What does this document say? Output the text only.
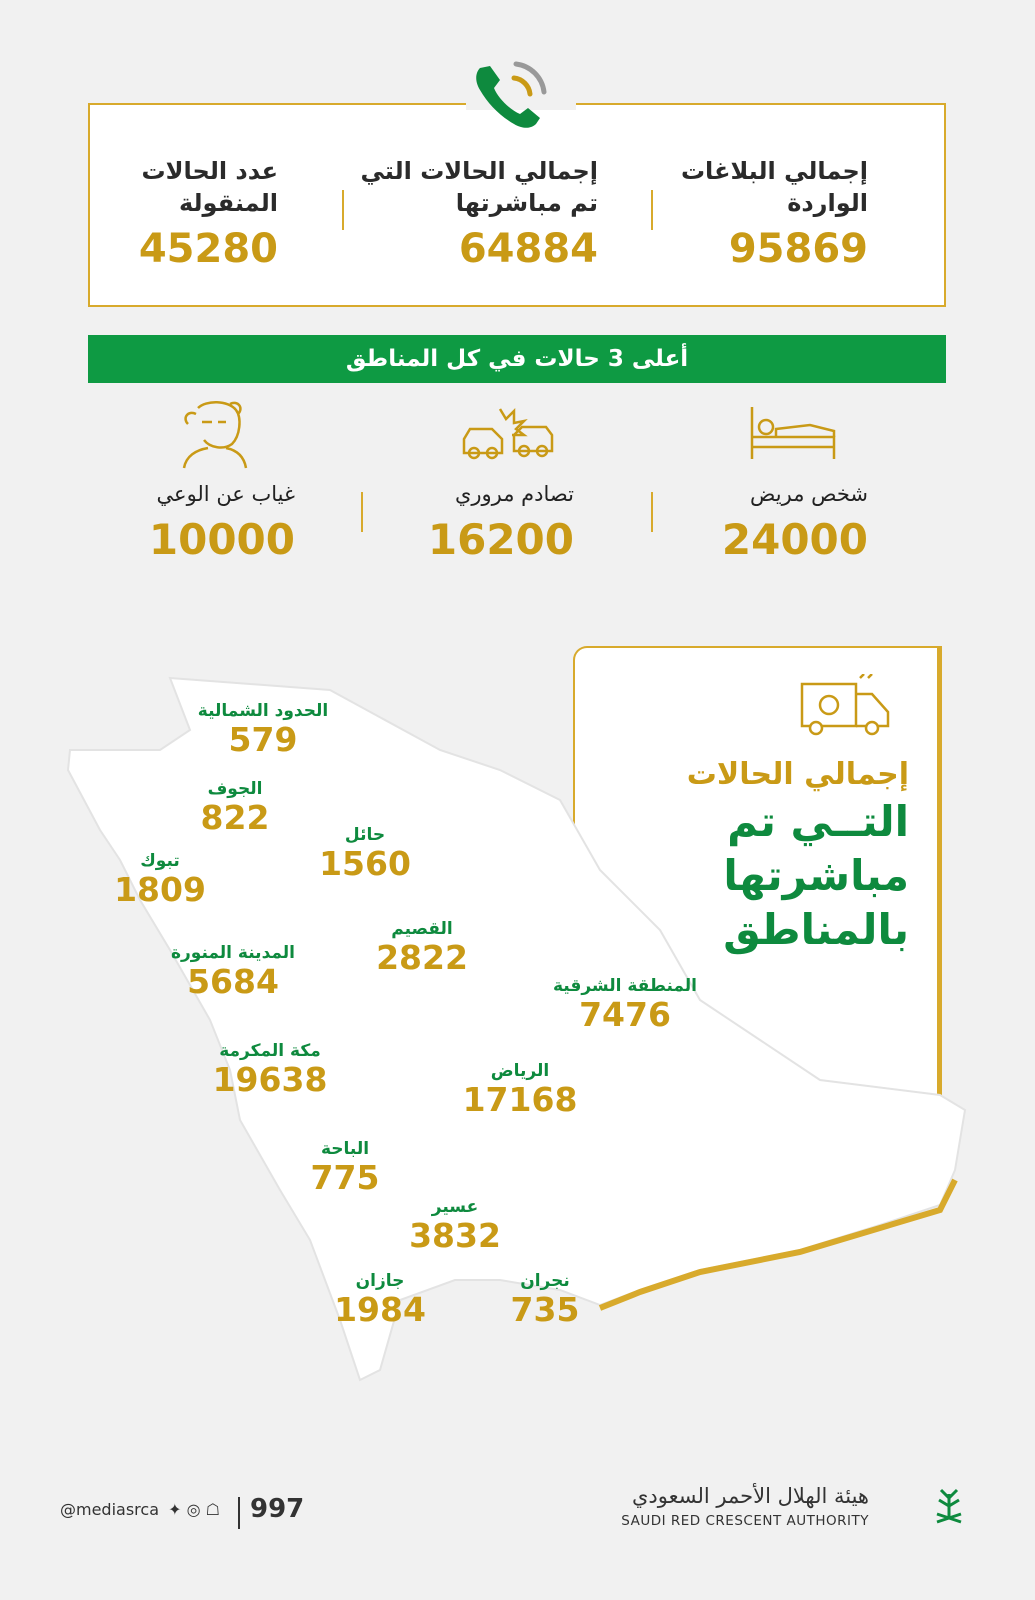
إجمالي البلاغات الواردة
95869
إجمالي الحالات التي تم مباشرتها
64884
عدد الحالات المنقولة
45280
أعلى 3 حالات في كل المناطق
شخص مريض
24000
تصادم مروري
16200
غياب عن الوعي
10000
إجمالي الحالات
التــي تم
مباشرتها
بالمناطق
الحدود الشمالية
579
الجوف
822
تبوك
1809
حائل
1560
القصيم
2822
المدينة المنورة
5684	المنطقة الشرقية
7476
مكة المكرمة
19638	الرياض
17168
الباحة
775
عسير
3832
جازان
1984
نجران
735
@mediasrca ✦ ◎ ☖ 997	هيئة الهلال الأحمر السعودي
SAUDI RED CRESCENT AUTHORITY
